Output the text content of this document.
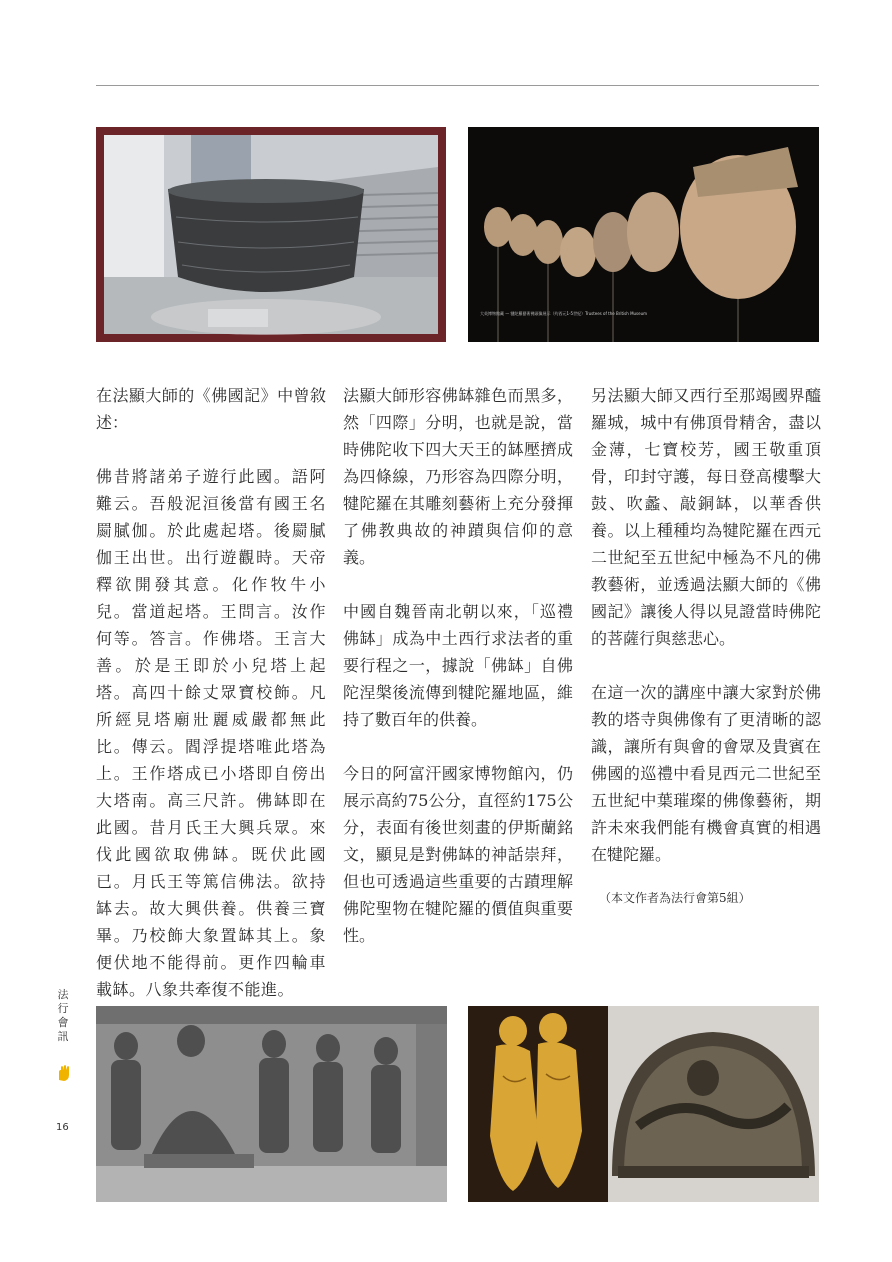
大英博物館藏 — 犍陀羅藝術佛頭像展示（約西元1-5世紀）Trustees of the British Museum

在法顯大師的《佛國記》中曾敘述：

佛昔將諸弟子遊行此國。語阿難云。吾般泥洹後當有國王名罽膩伽。於此處起塔。後罽膩伽王出世。出行遊觀時。天帝釋欲開發其意。化作牧牛小兒。當道起塔。王問言。汝作何等。答言。作佛塔。王言大善。於是王即於小兒塔上起塔。高四十餘丈眾寶校飾。凡所經見塔廟壯麗威嚴都無此比。傳云。閻浮提塔唯此塔為上。王作塔成已小塔即自傍出大塔南。高三尺許。佛缽即在此國。昔月氏王大興兵眾。來伐此國欲取佛缽。既伏此國已。月氏王等篤信佛法。欲持缽去。故大興供養。供養三寶畢。乃校飾大象置缽其上。象便伏地不能得前。更作四輪車載缽。八象共牽復不能進。

法顯大師形容佛缽雜色而黑多，然「四際」分明，也就是說，當時佛陀收下四大天王的缽壓擠成為四條線，乃形容為四際分明，犍陀羅在其雕刻藝術上充分發揮了佛教典故的神蹟與信仰的意義。

中國自魏晉南北朝以來，「巡禮佛缽」成為中土西行求法者的重要行程之一，據說「佛缽」自佛陀涅槃後流傳到犍陀羅地區，維持了數百年的供養。

今日的阿富汗國家博物館內，仍展示高約75公分，直徑約175公分，表面有後世刻畫的伊斯蘭銘文，顯見是對佛缽的神話崇拜，但也可透過這些重要的古蹟理解佛陀聖物在犍陀羅的價值與重要性。

另法顯大師又西行至那竭國界醯羅城，城中有佛頂骨精舍，盡以金薄，七寶校芳，國王敬重頂骨，印封守護，每日登高樓擊大鼓、吹蠡、敲銅缽，以華香供養。以上種種均為犍陀羅在西元二世紀至五世紀中極為不凡的佛教藝術，並透過法顯大師的《佛國記》讓後人得以見證當時佛陀的菩薩行與慈悲心。

在這一次的講座中讓大家對於佛教的塔寺與佛像有了更清晰的認識，讓所有與會的會眾及貴賓在佛國的巡禮中看見西元二世紀至五世紀中葉璀璨的佛像藝術，期許未來我們能有機會真實的相遇在犍陀羅。

（本文作者為法行會第5組）

法行會訊
16
